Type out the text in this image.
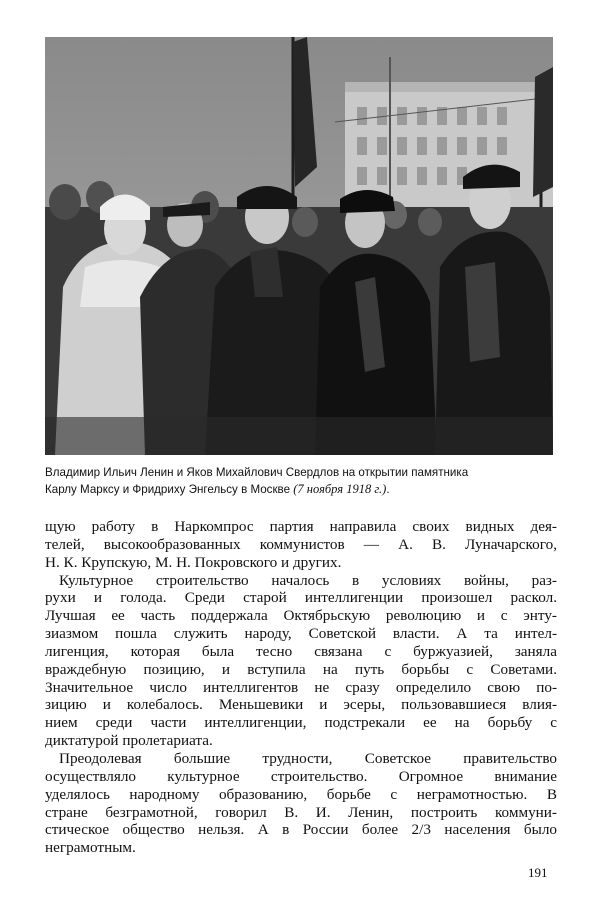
Владимир Ильич Ленин и Яков Михайлович Свердлов на открытии памятника
Карлу Марксу и Фридриху Энгельсу в Москве (7 ноября 1918 г.).
щую работу в Наркомпрос партия направила своих видных дея-
телей, высокообразованных коммунистов — А. В. Луначарского,
Н. К. Крупскую, М. Н. Покровского и других.
Культурное строительство началось в условиях войны, раз-
рухи и голода. Среди старой интеллигенции произошел раскол.
Лучшая ее часть поддержала Октябрьскую революцию и с энту-
зиазмом пошла служить народу, Советской власти. А та интел-
лигенция, которая была тесно связана с буржуазией, заняла
враждебную позицию, и вступила на путь борьбы с Советами.
Значительное число интеллигентов не сразу определило свою по-
зицию и колебалось. Меньшевики и эсеры, пользовавшиеся влия-
нием среди части интеллигенции, подстрекали ее на борьбу с
диктатурой пролетариата.
Преодолевая большие трудности, Советское правительство
осуществляло культурное строительство. Огромное внимание
уделялось народному образованию, борьбе с неграмотностью. В
стране безграмотной, говорил В. И. Ленин, построить коммуни-
стическое общество нельзя. А в России более 2/3 населения было
неграмотным.
191
